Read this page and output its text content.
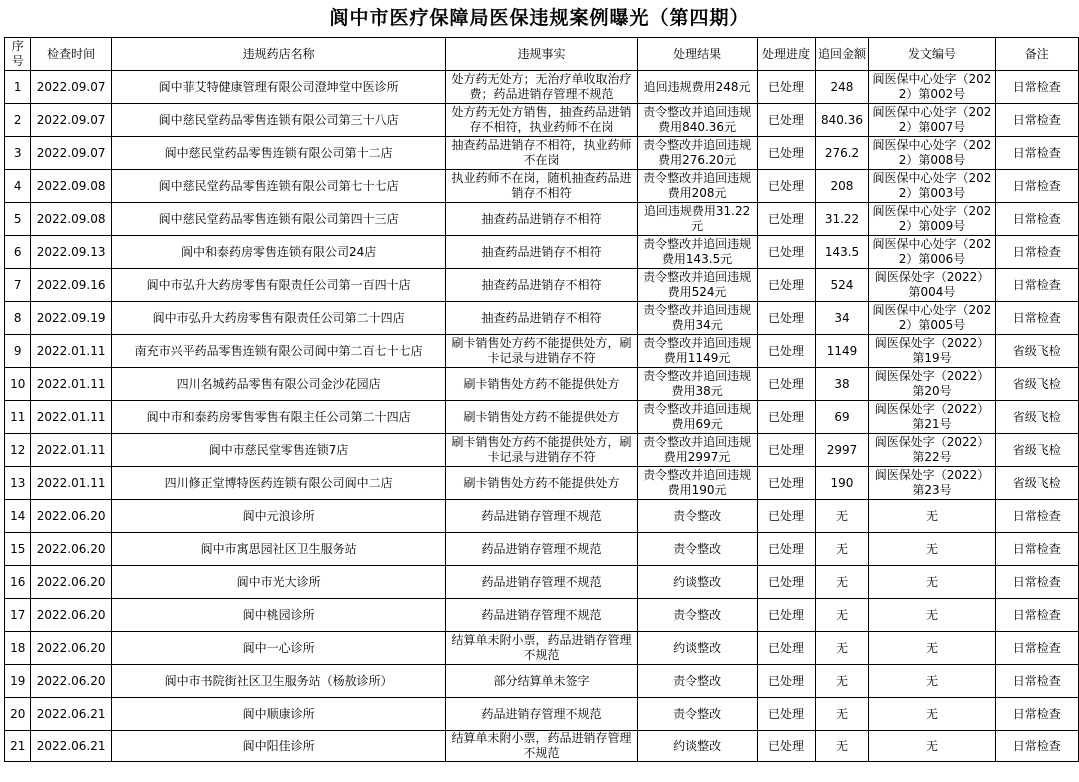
阆中市医疗保障局医保违规案例曝光（第四期）
序号	检查时间	违规药店名称	违规事实	处理结果	处理进度	追回金额	发文编号	备注
1	2022.09.07	阆中菲艾特健康管理有限公司澄坤堂中医诊所	处方药无处方；无治疗单收取治疗费；药品进销存管理不规范	追回违规费用248元	已处理	248	阆医保中心处字（2022）第002号	日常检查
2	2022.09.07	阆中慈民堂药品零售连锁有限公司第三十八店	处方药无处方销售，抽查药品进销存不相符，执业药师不在岗	责令整改并追回违规费用840.36元	已处理	840.36	阆医保中心处字（2022）第007号	日常检查
3	2022.09.07	阆中慈民堂药品零售连锁有限公司第十二店	抽查药品进销存不相符，执业药师不在岗	责令整改并追回违规费用276.20元	已处理	276.2	阆医保中心处字（2022）第008号	日常检查
4	2022.09.08	阆中慈民堂药品零售连锁有限公司第七十七店	执业药师不在岗，随机抽查药品进销存不相符	责令整改并追回违规费用208元	已处理	208	阆医保中心处字（2022）第003号	日常检查
5	2022.09.08	阆中慈民堂药品零售连锁有限公司第四十三店	抽查药品进销存不相符	追回违规费用31.22元	已处理	31.22	阆医保中心处字（2022）第009号	日常检查
6	2022.09.13	阆中和泰药房零售连锁有限公司24店	抽查药品进销存不相符	责令整改并追回违规费用143.5元	已处理	143.5	阆医保中心处字（2022）第006号	日常检查
7	2022.09.16	阆中市弘升大药房零售有限责任公司第一百四十店	抽查药品进销存不相符	责令整改并追回违规费用524元	已处理	524	阆医保处字（2022）第004号	日常检查
8	2022.09.19	阆中市弘升大药房零售有限责任公司第二十四店	抽查药品进销存不相符	责令整改并追回违规费用34元	已处理	34	阆医保中心处字（2022）第005号	日常检查
9	2022.01.11	南充市兴平药品零售连锁有限公司阆中第二百七十七店	刷卡销售处方药不能提供处方，刷卡记录与进销存不符	责令整改并追回违规费用1149元	已处理	1149	阆医保处字（2022）第19号	省级飞检
10	2022.01.11	四川名城药品零售有限公司金沙花园店	刷卡销售处方药不能提供处方	责令整改并追回违规费用38元	已处理	38	阆医保处字（2022）第20号	省级飞检
11	2022.01.11	阆中市和泰药房零售零售有限主任公司第二十四店	刷卡销售处方药不能提供处方	责令整改并追回违规费用69元	已处理	69	阆医保处字（2022）第21号	省级飞检
12	2022.01.11	阆中市慈民堂零售连锁7店	刷卡销售处方药不能提供处方，刷卡记录与进销存不符	责令整改并追回违规费用2997元	已处理	2997	阆医保处字（2022）第22号	省级飞检
13	2022.01.11	四川修正堂博特医药连锁有限公司阆中二店	刷卡销售处方药不能提供处方	责令整改并追回违规费用190元	已处理	190	阆医保处字（2022）第23号	省级飞检
14	2022.06.20	阆中元浪诊所	药品进销存管理不规范	责令整改	已处理	无	无	日常检查
15	2022.06.20	阆中市寓思园社区卫生服务站	药品进销存管理不规范	责令整改	已处理	无	无	日常检查
16	2022.06.20	阆中市光大诊所	药品进销存管理不规范	约谈整改	已处理	无	无	日常检查
17	2022.06.20	阆中桃园诊所	药品进销存管理不规范	责令整改	已处理	无	无	日常检查
18	2022.06.20	阆中一心诊所	结算单未附小票，药品进销存管理不规范	约谈整改	已处理	无	无	日常检查
19	2022.06.20	阆中市书院街社区卫生服务站（杨敖诊所）	部分结算单未签字	责令整改	已处理	无	无	日常检查
20	2022.06.21	阆中顺康诊所	药品进销存管理不规范	责令整改	已处理	无	无	日常检查
21	2022.06.21	阆中阳佳诊所	结算单未附小票，药品进销存管理不规范	约谈整改	已处理	无	无	日常检查
